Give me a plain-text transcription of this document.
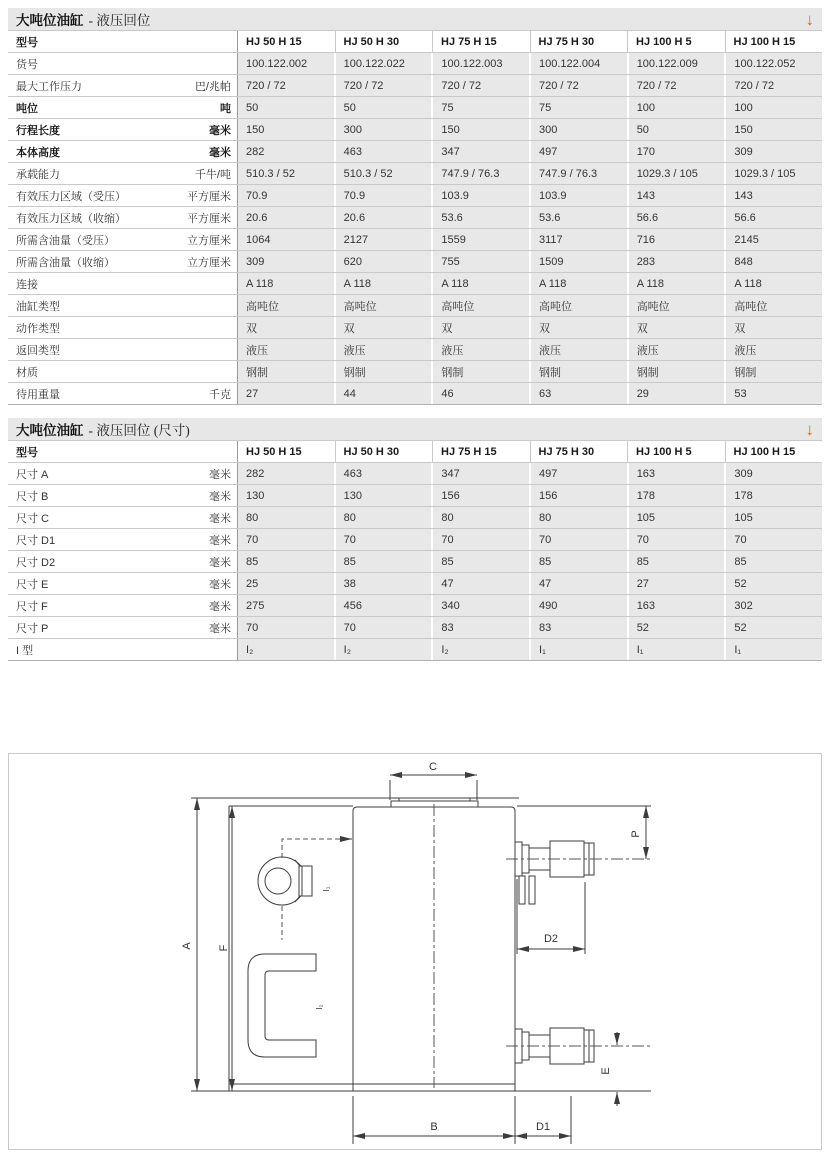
大吨位油缸 - 液压回位	↓
型号	HJ 50 H 15	HJ 50 H 30	HJ 75 H 15	HJ 75 H 30	HJ 100 H 5	HJ 100 H 15
货号	100.122.002	100.122.022	100.122.003	100.122.004	100.122.009	100.122.052
最大工作压力	巴/兆帕	720 / 72	720 / 72	720 / 72	720 / 72	720 / 72	720 / 72
吨位	吨	50	50	75	75	100	100
行程长度	毫米	150	300	150	300	50	150
本体高度	毫米	282	463	347	497	170	309
承载能力	千牛/吨	510.3 / 52	510.3 / 52	747.9 / 76.3	747.9 / 76.3	1029.3 / 105	1029.3 / 105
有效压力区域（受压）	平方厘米	70.9	70.9	103.9	103.9	143	143
有效压力区域（收缩）	平方厘米	20.6	20.6	53.6	53.6	56.6	56.6
所需含油量（受压）	立方厘米	1064	2127	1559	3117	716	2145
所需含油量（收缩）	立方厘米	309	620	755	1509	283	848
连接	A 118	A 118	A 118	A 118	A 118	A 118
油缸类型	高吨位	高吨位	高吨位	高吨位	高吨位	高吨位
动作类型	双	双	双	双	双	双
返回类型	液压	液压	液压	液压	液压	液压
材质	钢制	钢制	钢制	钢制	钢制	钢制
待用重量	千克	27	44	46	63	29	53
大吨位油缸 - 液压回位 (尺寸)	↓
型号	HJ 50 H 15	HJ 50 H 30	HJ 75 H 15	HJ 75 H 30	HJ 100 H 5	HJ 100 H 15
尺寸 A	毫米	282	463	347	497	163	309
尺寸 B	毫米	130	130	156	156	178	178
尺寸 C	毫米	80	80	80	80	105	105
尺寸 D1	毫米	70	70	70	70	70	70
尺寸 D2	毫米	85	85	85	85	85	85
尺寸 E	毫米	25	38	47	47	27	52
尺寸 F	毫米	275	456	340	490	163	302
尺寸 P	毫米	70	70	83	83	52	52
I 型	I₂	I₂	I₂	I₁	I₁	I₁
C
A F
P
D2
E
B	D1
I₁
I₂
